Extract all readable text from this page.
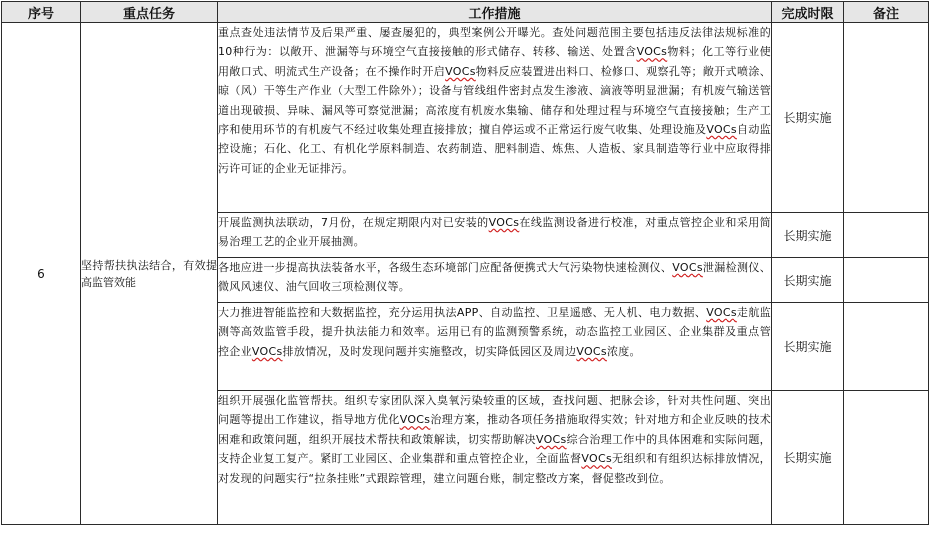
序号	重点任务	工作措施	完成时限	备注
6	坚持帮扶执法结合，有效提高监管效能	重点查处违法情节及后果严重、屡查屡犯的，典型案例公开曝光。查处问题范围主要包括违反法律法规标准的10种行为：以敞开、泄漏等与环境空气直接接触的形式储存、转移、输送、处置含VOCs物料；化工等行业使用敞口式、明流式生产设备；在不操作时开启VOCs物料反应装置进出料口、检修口、观察孔等；敞开式喷涂、晾（风）干等生产作业（大型工件除外）；设备与管线组件密封点发生渗液、滴液等明显泄漏；有机废气输送管道出现破损、异味、漏风等可察觉泄漏；高浓度有机废水集输、储存和处理过程与环境空气直接接触；生产工序和使用环节的有机废气不经过收集处理直接排放；擅自停运或不正常运行废气收集、处理设施及VOCs自动监控设施；石化、化工、有机化学原料制造、农药制造、肥料制造、炼焦、人造板、家具制造等行业中应取得排污许可证的企业无证排污。	长期实施	
		开展监测执法联动，7月份，在规定期限内对已安装的VOCs在线监测设备进行校准，对重点管控企业和采用简易治理工艺的企业开展抽测。	长期实施	
		各地应进一步提高执法装备水平，各级生态环境部门应配备便携式大气污染物快速检测仪、VOCs泄漏检测仪、微风风速仪、油气回收三项检测仪等。	长期实施	
		大力推进智能监控和大数据监控，充分运用执法APP、自动监控、卫星遥感、无人机、电力数据、VOCs走航监测等高效监管手段，提升执法能力和效率。运用已有的监测预警系统，动态监控工业园区、企业集群及重点管控企业VOCs排放情况，及时发现问题并实施整改，切实降低园区及周边VOCs浓度。	长期实施	
		组织开展强化监管帮扶。组织专家团队深入臭氧污染较重的区域，查找问题、把脉会诊，针对共性问题、突出问题等提出工作建议，指导地方优化VOCs治理方案，推动各项任务措施取得实效；针对地方和企业反映的技术困难和政策问题，组织开展技术帮扶和政策解读，切实帮助解决VOCs综合治理工作中的具体困难和实际问题，支持企业复工复产。紧盯工业园区、企业集群和重点管控企业，全面监督VOCs无组织和有组织达标排放情况，对发现的问题实行“拉条挂账”式跟踪管理，建立问题台账，制定整改方案，督促整改到位。	长期实施	
